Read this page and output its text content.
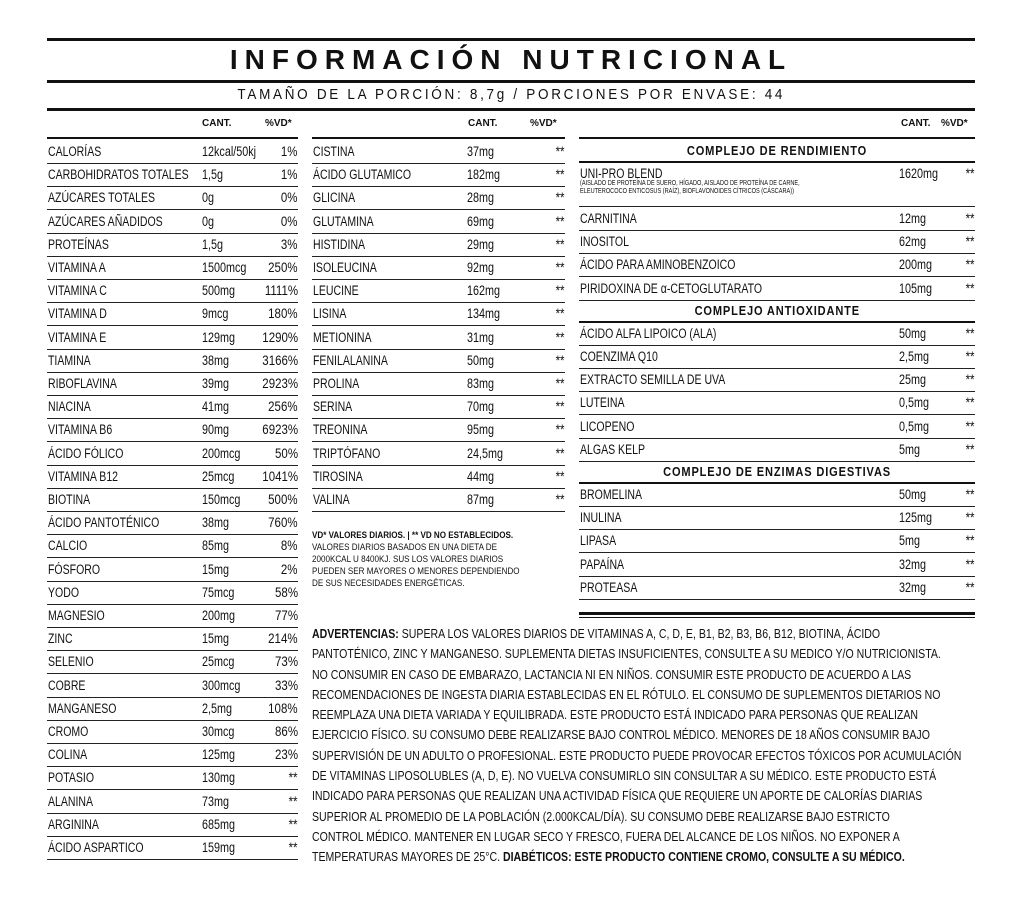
INFORMACIÓN NUTRICIONAL
TAMAÑO DE LA PORCIÓN: 8,7g / PORCIONES POR ENVASE: 44
CANT.	%VD*
CALORÍAS	12kcal/50kj 1%
CARBOHIDRATOS TOTALES 1,5g	1%
AZÚCARES TOTALES	0g	0%
AZÚCARES AÑADIDOS	0g	0%
PROTEÍNAS	1,5g	3%
VITAMINA A	1500mcg 250%
VITAMINA C	500mg 1111%
VITAMINA D	9mcg	180%
VITAMINA E	129mg 1290%
TIAMINA	38mg 3166%
RIBOFLAVINA	39mg 2923%
NIACINA	41mg	256%
VITAMINA B6	90mg 6923%
ÁCIDO FÓLICO	200mcg	50%
VITAMINA B12	25mcg 1041%
BIOTINA	150mcg 500%
ÁCIDO PANTOTÉNICO	38mg	760%
CALCIO	85mg	8%
FÓSFORO	15mg	2%
YODO	75mcg	58%
MAGNESIO	200mg	77%
ZINC	15mg	214%
SELENIO	25mcg	73%
COBRE	300mcg	33%
MANGANESO	2,5mg	108%
CROMO	30mcg	86%
COLINA	125mg	23%
POTASIO	130mg	**
ALANINA	73mg	**
ARGININA	685mg	**
ÁCIDO ASPARTICO	159mg	**
CANT.	%VD*
CISTINA	37mg	**
ÁCIDO GLUTAMICO	182mg	**
GLICINA	28mg	**
GLUTAMINA	69mg	**
HISTIDINA	29mg	**
ISOLEUCINA	92mg	**
LEUCINE	162mg	**
LISINA	134mg	**
METIONINA	31mg	**
FENILALANINA	50mg	**
PROLINA	83mg	**
SERINA	70mg	**
TREONINA	95mg	**
TRIPTÓFANO	24,5mg	**
TIROSINA	44mg	**
VALINA	87mg	**
CANT. %VD*
COMPLEJO DE RENDIMIENTO
UNI-PRO BLEND	1620mg **
(AISLADO DE PROTEÍNA DE SUERO, HÍGADO, AISLADO DE PROTEÍNA DE CARNE,
ELEUTEROCOCO ENTICOSUS (RAÍZ), BIOFLAVONOIDES CÍTRICOS (CÁSCARA))
CARNITINA	12mg	**
INOSITOL	62mg	**
ÁCIDO PARA AMINOBENZOICO	200mg	**
PIRIDOXINA DE α-CETOGLUTARATO	105mg	**
COMPLEJO ANTIOXIDANTE
ÁCIDO ALFA LIPOICO (ALA)	50mg	**
COENZIMA Q10	2,5mg	**
EXTRACTO SEMILLA DE UVA	25mg	**
LUTEINA	0,5mg	**
LICOPENO	0,5mg	**
ALGAS KELP	5mg	**
COMPLEJO DE ENZIMAS DIGESTIVAS
BROMELINA	50mg	**
INULINA	125mg	**
LIPASA	5mg	**
PAPAÍNA	32mg	**
PROTEASA	32mg	**
VD* VALORES DIARIOS. | ** VD NO ESTABLECIDOS.
VALORES DIARIOS BASADOS EN UNA DIETA DE
2000KCAL U 8400KJ. SUS LOS VALORES DIARIOS
PUEDEN SER MAYORES O MENORES DEPENDIENDO
DE SUS NECESIDADES ENERGÉTICAS.
ADVERTENCIAS: SUPERA LOS VALORES DIARIOS DE VITAMINAS A, C, D, E, B1, B2, B3, B6, B12, BIOTINA, ÁCIDO
PANTOTÉNICO, ZINC Y MANGANESO. SUPLEMENTA DIETAS INSUFICIENTES, CONSULTE A SU MEDICO Y/O NUTRICIONISTA.
NO CONSUMIR EN CASO DE EMBARAZO, LACTANCIA NI EN NIÑOS. CONSUMIR ESTE PRODUCTO DE ACUERDO A LAS
RECOMENDACIONES DE INGESTA DIARIA ESTABLECIDAS EN EL RÓTULO. EL CONSUMO DE SUPLEMENTOS DIETARIOS NO
REEMPLAZA UNA DIETA VARIADA Y EQUILIBRADA. ESTE PRODUCTO ESTÁ INDICADO PARA PERSONAS QUE REALIZAN
EJERCICIO FÍSICO. SU CONSUMO DEBE REALIZARSE BAJO CONTROL MÉDICO. MENORES DE 18 AÑOS CONSUMIR BAJO
SUPERVISIÓN DE UN ADULTO O PROFESIONAL. ESTE PRODUCTO PUEDE PROVOCAR EFECTOS TÓXICOS POR ACUMULACIÓN
DE VITAMINAS LIPOSOLUBLES (A, D, E). NO VUELVA CONSUMIRLO SIN CONSULTAR A SU MÉDICO. ESTE PRODUCTO ESTÁ
INDICADO PARA PERSONAS QUE REALIZAN UNA ACTIVIDAD FÍSICA QUE REQUIERE UN APORTE DE CALORÍAS DIARIAS
SUPERIOR AL PROMEDIO DE LA POBLACIÓN (2.000KCAL/DÍA). SU CONSUMO DEBE REALIZARSE BAJO ESTRICTO
CONTROL MÉDICO. MANTENER EN LUGAR SECO Y FRESCO, FUERA DEL ALCANCE DE LOS NIÑOS. NO EXPONER A
TEMPERATURAS MAYORES DE 25°C. DIABÉTICOS: ESTE PRODUCTO CONTIENE CROMO, CONSULTE A SU MÉDICO.
